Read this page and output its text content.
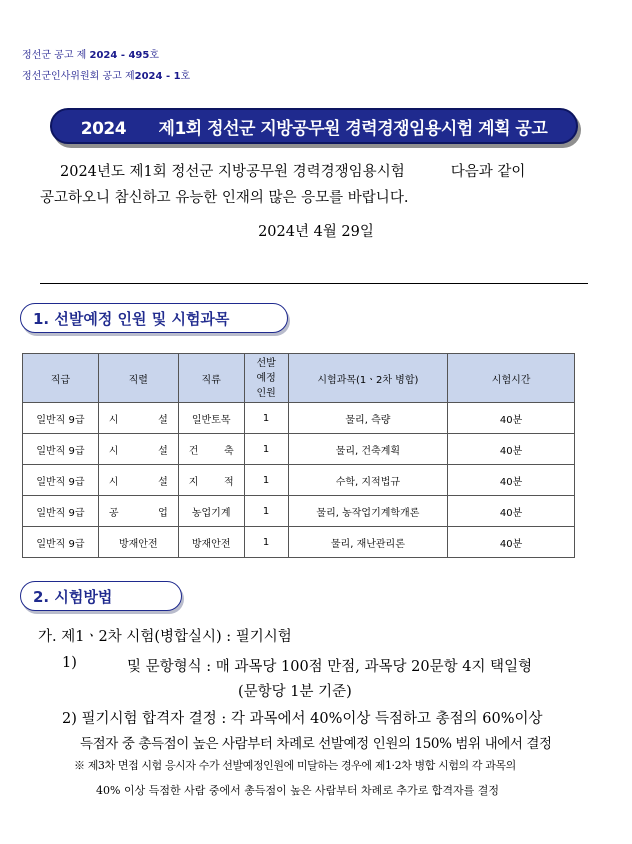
정선군 공고 제 2024 - 495호
정선군인사위원회 공고 제2024 - 1호
2024      제1회 정선군 지방공무원 경력경쟁임용시험 계획 공고
2024년도 제1회 정선군 지방공무원 경력경쟁임용시험          다음과 같이
공고하오니 참신하고 유능한 인재의 많은 응모를 바랍니다.
2024년 4월 29일
1. 선발예정 인원 및 시험과목
직급	직렬	직류	선발
예정
인원	시험과목(1ㆍ2차 병합)	시험시간
일반직 9급	시 설	일반토목	1	물리, 측량	40분
일반직 9급	시 설	건 축	1	물리, 건축계획	40분
일반직 9급	시 설	지 적	1	수학, 지적법규	40분
일반직 9급	공 업	농업기계	1	물리, 농작업기계학개론	40분
일반직 9급	방재안전	방재안전	1	물리, 재난관리론	40분
2. 시험방법
가. 제1ㆍ2차 시험(병합실시) : 필기시험
1)	및 문항형식 : 매 과목당 100점 만점, 과목당 20문항 4지 택일형
(문항당 1분 기준)
2) 필기시험 합격자 결정 : 각 과목에서 40%이상 득점하고 총점의 60%이상
득점자 중 총득점이 높은 사람부터 차례로 선발예정 인원의 150% 범위 내에서 결정
※ 제3차 면접 시험 응시자 수가 선발예정인원에 미달하는 경우에 제1·2차 병합 시험의 각 과목의
40% 이상 득점한 사람 중에서 총득점이 높은 사람부터 차례로 추가로 합격자를 결정
